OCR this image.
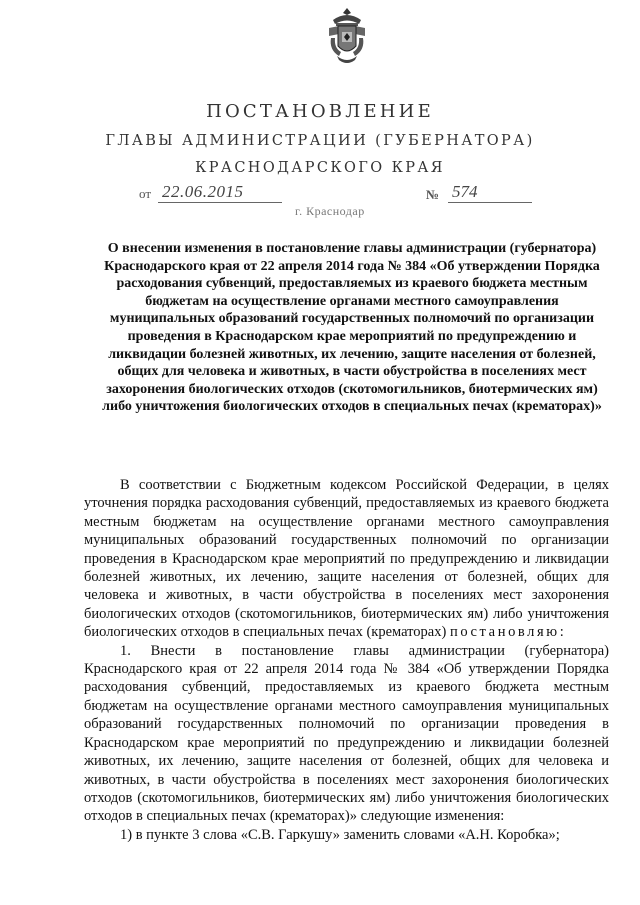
ПОСТАНОВЛЕНИЕ
ГЛАВЫ АДМИНИСТРАЦИИ (ГУБЕРНАТОРА)
КРАСНОДАРСКОГО КРАЯ
от 22.06.2015	№ 574
г. Краснодар
О внесении изменения в постановление главы администрации (губернатора) Краснодарского края от 22 апреля 2014 года № 384 «Об утверждении Порядка расходования субвенций, предоставляемых из краевого бюджета местным бюджетам на осуществление органами местного самоуправления муниципальных образований государственных полномочий по организации проведения в Краснодарском крае мероприятий по предупреждению и ликвидации болезней животных, их лечению, защите населения от болезней, общих для человека и животных, в части обустройства в поселениях мест захоронения биологических отходов (скотомогильников, биотермических ям) либо уничтожения биологических отходов в специальных печах (крематорах)»

В соответствии с Бюджетным кодексом Российской Федерации, в целях уточнения порядка расходования субвенций, предоставляемых из краевого бюджета местным бюджетам на осуществление органами местного самоуправления муниципальных образований государственных полномочий по организации проведения в Краснодарском крае мероприятий по предупреждению и ликвидации болезней животных, их лечению, защите населения от болезней, общих для человека и животных, в части обустройства в поселениях мест захоронения биологических отходов (скотомогильников, биотермических ям) либо уничтожения биологических отходов в специальных печах (крематорах) постановляю:

1. Внести в постановление главы администрации (губернатора) Краснодарского края от 22 апреля 2014 года № 384 «Об утверждении Порядка расходования субвенций, предоставляемых из краевого бюджета местным бюджетам на осуществление органами местного самоуправления муниципальных образований государственных полномочий по организации проведения в Краснодарском крае мероприятий по предупреждению и ликвидации болезней животных, их лечению, защите населения от болезней, общих для человека и животных, в части обустройства в поселениях мест захоронения биологических отходов (скотомогильников, биотермических ям) либо уничтожения биологических отходов в специальных печах (крематорах)» следующие изменения:

1) в пункте 3 слова «С.В. Гаркушу» заменить словами «А.Н. Коробка»;
